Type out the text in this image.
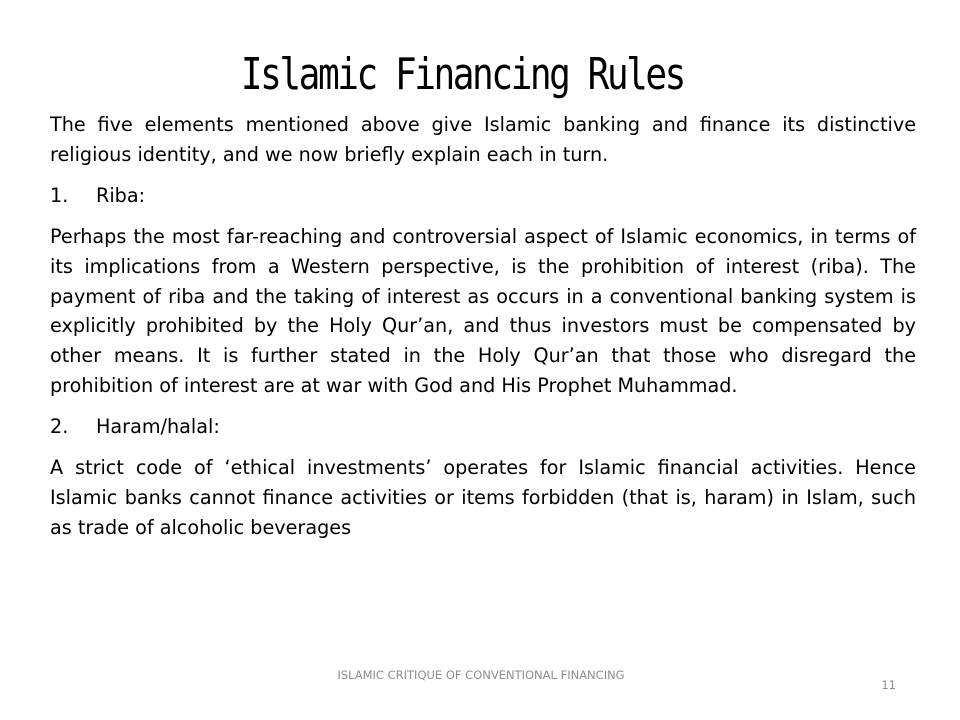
Islamic Financing Rules

The five elements mentioned above give Islamic banking and finance its distinctive religious identity, and we now briefly explain each in turn.

1.	Riba:

Perhaps the most far-reaching and controversial aspect of Islamic economics, in terms of its implications from a Western perspective, is the prohibition of interest (riba). The payment of riba and the taking of interest as occurs in a conventional banking system is explicitly prohibited by the Holy Qur’an, and thus investors must be compensated by other means. It is further stated in the Holy Qur’an that those who disregard the prohibition of interest are at war with God and His Prophet Muhammad.

2.	Haram/halal:

A strict code of ‘ethical investments’ operates for Islamic financial activities. Hence Islamic banks cannot finance activities or items forbidden (that is, haram) in Islam, such as trade of alcoholic beverages

ISLAMIC CRITIQUE OF CONVENTIONAL FINANCING
11
